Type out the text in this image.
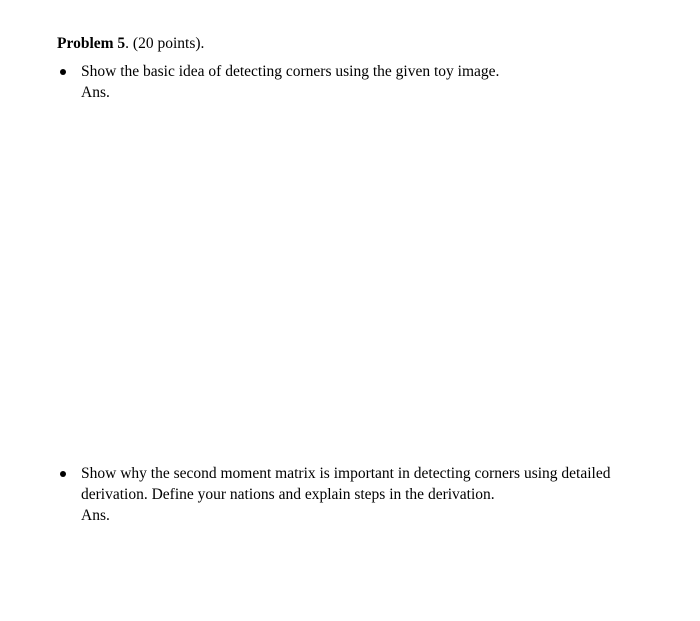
Problem 5. (20 points).

Show the basic idea of detecting corners using the given toy image.

Ans.

Show why the second moment matrix is important in detecting corners using detailed

derivation. Define your nations and explain steps in the derivation.

Ans.
